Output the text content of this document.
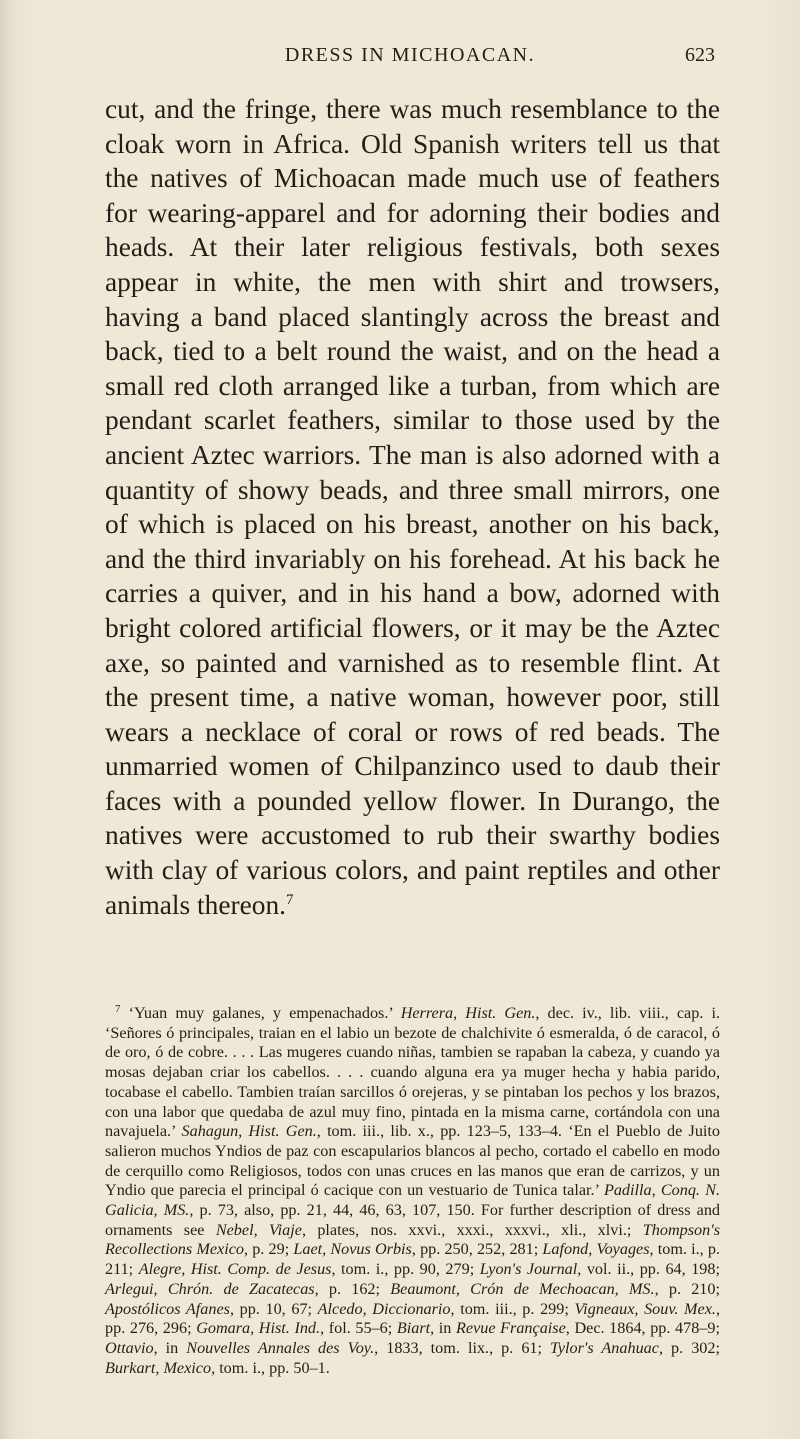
DRESS IN MICHOACAN.	623

cut, and the fringe, there was much resemblance to the cloak worn in Africa. Old Spanish writers tell us that the natives of Michoacan made much use of feathers for wearing-apparel and for adorning their bodies and heads. At their later religious festivals, both sexes appear in white, the men with shirt and trowsers, having a band placed slantingly across the breast and back, tied to a belt round the waist, and on the head a small red cloth arranged like a turban, from which are pendant scarlet feathers, similar to those used by the ancient Aztec warriors. The man is also adorned with a quantity of showy beads, and three small mirrors, one of which is placed on his breast, another on his back, and the third invariably on his forehead. At his back he carries a quiver, and in his hand a bow, adorned with bright colored artificial flowers, or it may be the Aztec axe, so painted and varnished as to resemble flint. At the present time, a native woman, however poor, still wears a necklace of coral or rows of red beads. The unmarried women of Chilpanzinco used to daub their faces with a pounded yellow flower. In Durango, the natives were accustomed to rub their swarthy bodies with clay of various colors, and paint reptiles and other animals thereon.$^7$

$^7$ ‘Yuan muy galanes, y empenachados.’ Herrera, Hist. Gen., dec. iv., lib. viii., cap. i. ‘Señores ó principales, traian en el labio un bezote de chalchivite ó esmeralda, ó de caracol, ó de oro, ó de cobre. . . . Las mugeres cuando niñas, tambien se rapaban la cabeza, y cuando ya mosas dejaban criar los cabellos. . . . cuando alguna era ya muger hecha y habia parido, tocabase el cabello. Tambien traían sarcillos ó orejeras, y se pintaban los pechos y los brazos, con una labor que quedaba de azul muy fino, pintada en la misma carne, cortándola con una navajuela.’ Sahagun, Hist. Gen., tom. iii., lib. x., pp. 123–5, 133–4. ‘En el Pueblo de Juito salieron muchos Yndios de paz con escapularios blancos al pecho, cortado el cabello en modo de cerquillo como Religiosos, todos con unas cruces en las manos que eran de carrizos, y un Yndio que parecia el principal ó cacique con un vestuario de Tunica talar.’ Padilla, Conq. N. Galicia, MS., p. 73, also, pp. 21, 44, 46, 63, 107, 150. For further description of dress and ornaments see Nebel, Viaje, plates, nos. xxvi., xxxi., xxxvi., xli., xlvi.; Thompson's Recollections Mexico, p. 29; Laet, Novus Orbis, pp. 250, 252, 281; Lafond, Voyages, tom. i., p. 211; Alegre, Hist. Comp. de Jesus, tom. i., pp. 90, 279; Lyon's Journal, vol. ii., pp. 64, 198; Arlegui, Chrón. de Zacatecas, p. 162; Beaumont, Crón de Mechoacan, MS., p. 210; Apostólicos Afanes, pp. 10, 67; Alcedo, Diccionario, tom. iii., p. 299; Vigneaux, Souv. Mex., pp. 276, 296; Gomara, Hist. Ind., fol. 55–6; Biart, in Revue Française, Dec. 1864, pp. 478–9; Ottavio, in Nouvelles Annales des Voy., 1833, tom. lix., p. 61; Tylor's Anahuac, p. 302; Burkart, Mexico, tom. i., pp. 50–1.
